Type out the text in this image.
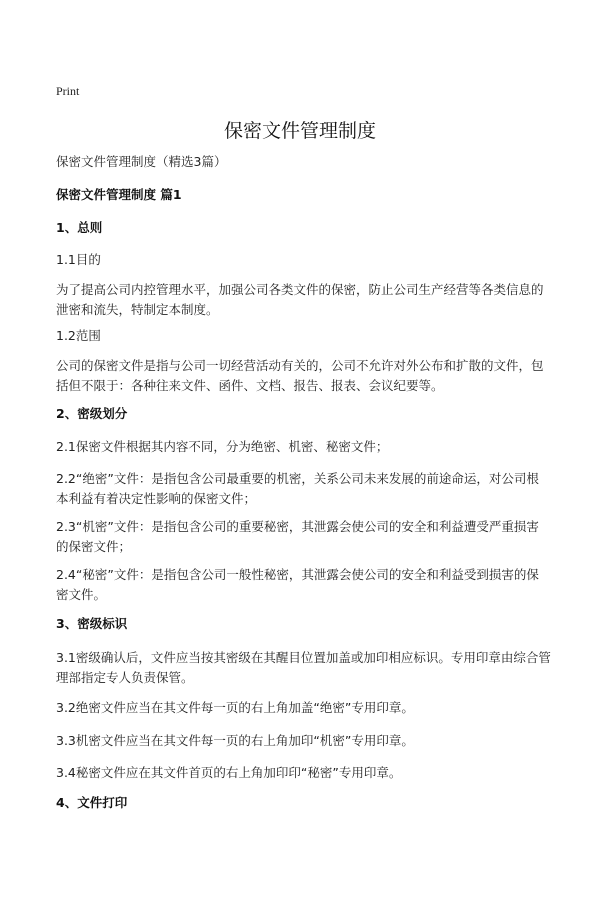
Print
保密文件管理制度
保密文件管理制度（精选3篇）
保密文件管理制度 篇1
1、总则
1.1目的
为了提高公司内控管理水平，加强公司各类文件的保密，防止公司生产经营等各类信息的泄密和流失，特制定本制度。
1.2范围
公司的保密文件是指与公司一切经营活动有关的，公司不允许对外公布和扩散的文件，包括但不限于：各种往来文件、函件、文档、报告、报表、会议纪要等。
2、密级划分
2.1保密文件根据其内容不同，分为绝密、机密、秘密文件；
2.2“绝密”文件：是指包含公司最重要的机密，关系公司未来发展的前途命运，对公司根本利益有着决定性影响的保密文件；
2.3“机密”文件：是指包含公司的重要秘密，其泄露会使公司的安全和利益遭受严重损害的保密文件；
2.4“秘密”文件：是指包含公司一般性秘密，其泄露会使公司的安全和利益受到损害的保密文件。
3、密级标识
3.1密级确认后，文件应当按其密级在其醒目位置加盖或加印相应标识。专用印章由综合管理部指定专人负责保管。
3.2绝密文件应当在其文件每一页的右上角加盖“绝密”专用印章。
3.3机密文件应当在其文件每一页的右上角加印“机密”专用印章。
3.4秘密文件应在其文件首页的右上角加印印“秘密”专用印章。
4、文件打印
